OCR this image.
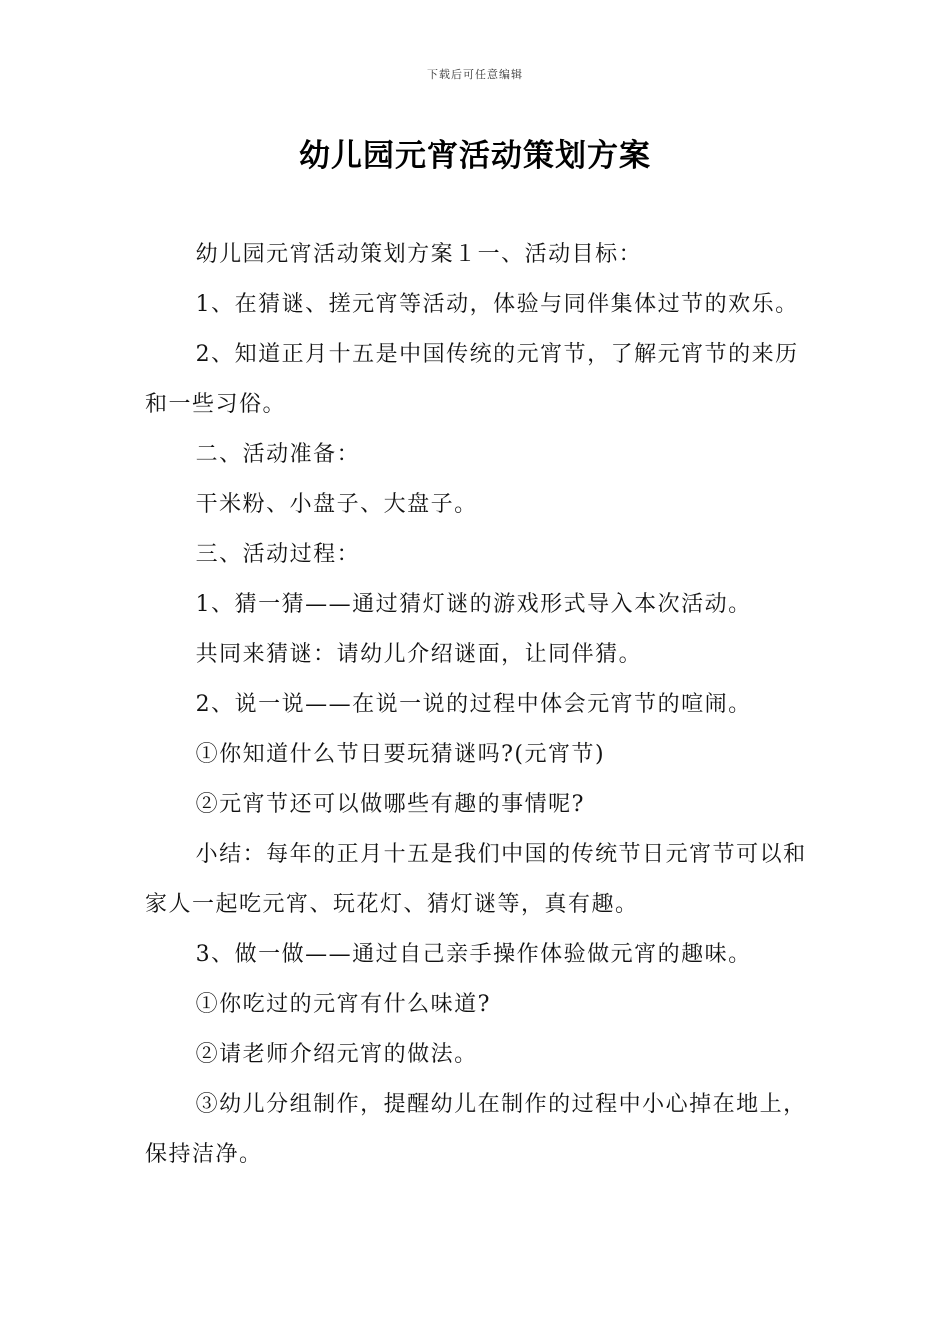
下载后可任意编辑
幼儿园元宵活动策划方案

幼儿园元宵活动策划方案１一、活动目标：

1、在猜谜、搓元宵等活动，体验与同伴集体过节的欢乐。

2、知道正月十五是中国传统的元宵节，了解元宵节的来历和一些习俗。

二、活动准备：

干米粉、小盘子、大盘子。

三、活动过程：

1、猜一猜——通过猜灯谜的游戏形式导入本次活动。

共同来猜谜：请幼儿介绍谜面，让同伴猜。

2、说一说——在说一说的过程中体会元宵节的喧闹。

①你知道什么节日要玩猜谜吗?(元宵节)

②元宵节还可以做哪些有趣的事情呢?

小结：每年的正月十五是我们中国的传统节日元宵节可以和家人一起吃元宵、玩花灯、猜灯谜等，真有趣。

3、做一做——通过自己亲手操作体验做元宵的趣味。

①你吃过的元宵有什么味道?

②请老师介绍元宵的做法。

③幼儿分组制作，提醒幼儿在制作的过程中小心掉在地上，保持洁净。
